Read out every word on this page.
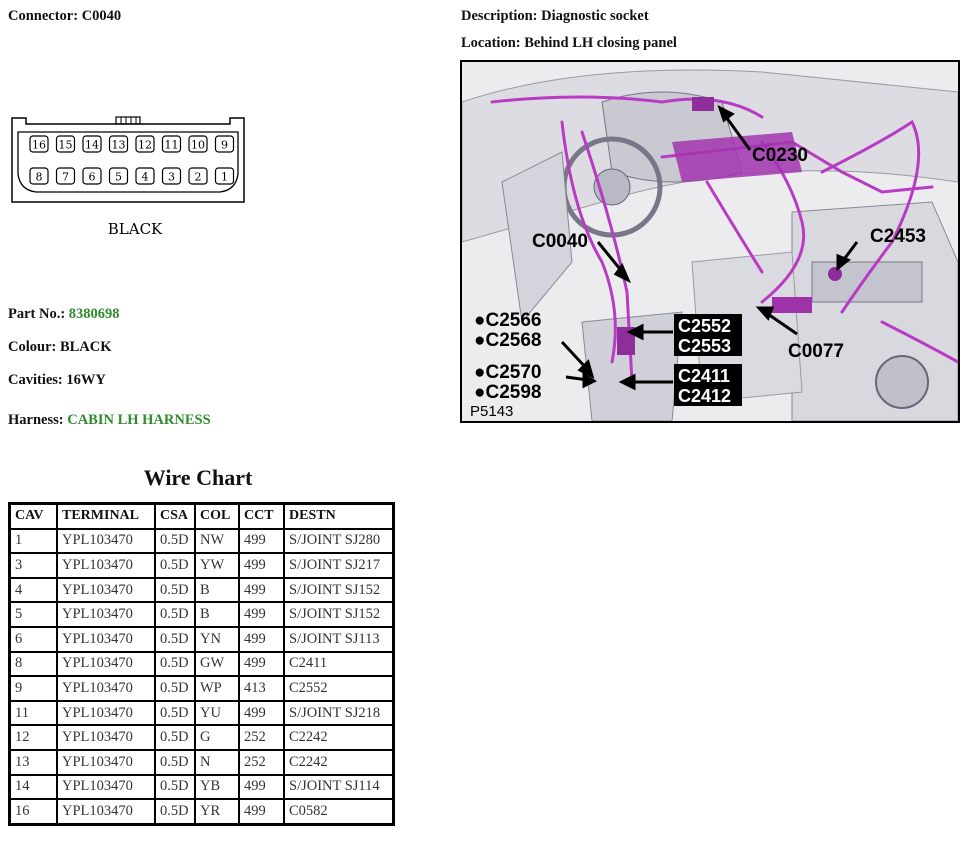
Connector: C0040	Description: Diagnostic socket
Location: Behind LH closing panel
16 15 14 13 12 11 10 9
8 7 6 5 4 3 2 1
BLACK
Part No.: 8380698
Colour: BLACK
Cavities: 16WY
Harness: CABIN LH HARNESS
C0230
C0040	C2453
●C2566
●C2568
●C2570
●C2598
C2552
C2553
C2411
C2412
C0077
P5143
Wire Chart
CAV	TERMINAL	CSA	COL	CCT	DESTN
1	YPL103470	0.5D	NW	499	S/JOINT SJ280
3	YPL103470	0.5D	YW	499	S/JOINT SJ217
4	YPL103470	0.5D	B	499	S/JOINT SJ152
5	YPL103470	0.5D	B	499	S/JOINT SJ152
6	YPL103470	0.5D	YN	499	S/JOINT SJ113
8	YPL103470	0.5D	GW	499	C2411
9	YPL103470	0.5D	WP	413	C2552
11	YPL103470	0.5D	YU	499	S/JOINT SJ218
12	YPL103470	0.5D	G	252	C2242
13	YPL103470	0.5D	N	252	C2242
14	YPL103470	0.5D	YB	499	S/JOINT SJ114
16	YPL103470	0.5D	YR	499	C0582
